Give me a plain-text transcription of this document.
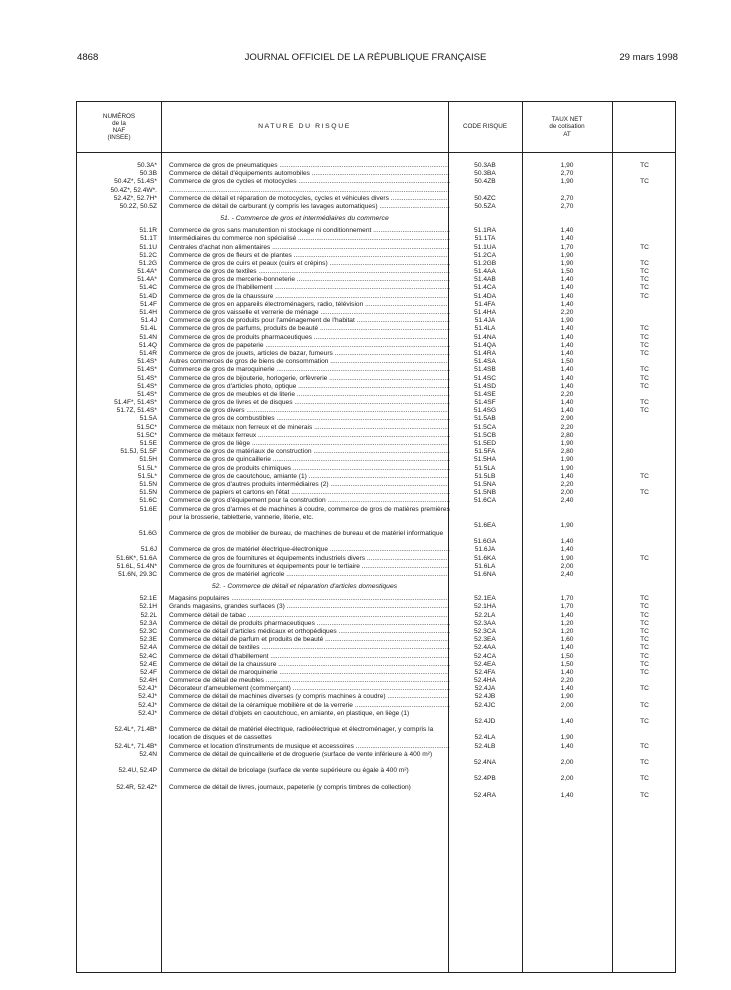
4868	JOURNAL OFFICIEL DE LA RÉPUBLIQUE FRANÇAISE	29 mars 1998
NUMÉROS
de la
NAF
(INSEE)
NATURE DU RISQUE	CODE RISQUE
TAUX NET
de cotisation
AT
50.3A* Commerce de gros de pneumatiques .....	50.3AB	1,90	TC
50.3B Commerce de détail d'équipements automobiles .....	50.3BA	2,70
50.4Z*, 51.4S* Commerce de gros de cycles et motocycles .....	50.4ZB	1,90	TC
50.4Z*, 52.4W*.
.....
52.4Z*, 52.7H* Commerce de détail et réparation de motocycles, cycles et véhicules divers .....	50.4ZC	2,70
50.2Z, 50.5Z Commerce de détail de carburant (y compris les lavages automatiques) .....	50.5ZA	2,70
51. - Commerce de gros et intermédiaires du commerce
51.1R Commerce de gros sans manutention ni stockage ni conditionnement .....	51.1RA	1,40
51.1T Intermédiaires du commerce non spécialisé .....	51.1TA	1,40
51.1U Centrales d'achat non alimentaires .....	51.1UA	1,70	TC
51.2C Commerce de gros de fleurs et de plantes .....	51.2CA	1,90
51.2G Commerce de gros de cuirs et peaux (cuirs et crépins) .....	51.2GB	1,90	TC
51.4A* Commerce de gros de textiles .....	51.4AA	1,50	TC
51.4A* Commerce de gros de mercerie-bonneterie .....	51.4AB	1,40	TC
51.4C Commerce de gros de l'habillement .....	51.4CA	1,40	TC
51.4D Commerce de gros de la chaussure .....	51.4DA	1,40	TC
51.4F Commerce de gros en appareils électroménagers, radio, télévision .....	51.4FA	1,40
51.4H Commerce de gros vaisselle et verrerie de ménage .....	51.4HA	2,20
51.4J Commerce de gros de produits pour l'aménagement de l'habitat .....	51.4JA	1,90
51.4L Commerce de gros de parfums, produits de beauté .....	51.4LA	1,40	TC
51.4N Commerce de gros de produits pharmaceutiques .....	51.4NA	1,40	TC
51.4Q Commerce de gros de papeterie .....	51.4QA	1,40	TC
51.4R Commerce de gros de jouets, articles de bazar, fumeurs .....	51.4RA	1,40	TC
51.4S* Autres commerces de gros de biens de consommation .....	51.4SA	1,50
51.4S* Commerce de gros de maroquinerie .....	51.4SB	1,40	TC
51.4S* Commerce de gros de bijouterie, horlogerie, orfèvrerie .....	51.4SC	1,40	TC
51.4S* Commerce de gros d'articles photo, optique .....	51.4SD	1,40	TC
51.4S* Commerce de gros de meubles et de literie .....	51.4SE	2,20
51.4F*, 51.4S* Commerce de gros de livres et de disques .....	51.4SF	1,40	TC
51.7Z, 51.4S* Commerce de gros divers .....	51.4SG	1,40	TC
51.5A Commerce de gros de combustibles .....	51.5AB	2,90
51.5C* Commerce de métaux non ferreux et de minerais .....	51.5CA	2,20
51.5C* Commerce de métaux ferreux .....	51.5CB	2,80
51.5E Commerce de gros de liège .....	51.5ED	1,90
51.5J, 51.5F Commerce de gros de matériaux de construction .....	51.5FA	2,80
51.5H Commerce de gros de quincaillerie .....	51.5HA	1,90
51.5L* Commerce de gros de produits chimiques .....	51.5LA	1,90
51.5L* Commerce de gros de caoutchouc, amiante (1) .....	51.5LB	1,40	TC
51.5N Commerce de gros d'autres produits intermédiaires (2) .....	51.5NA	2,20
51.5N Commerce de papiers et cartons en l'état .....	51.5NB	2,00	TC
51.6C Commerce de gros d'équipement pour la construction .....	51.6CA	2,40
51.6E Commerce de gros d'armes et de machines à coudre, commerce de gros de matières premières pour la brosserie, tabletterie, vannerie, literie, etc.
51.6EA	1,90
51.6G Commerce de gros de mobilier de bureau, de machines de bureau et de matériel informatique
51.6GA	1,40
51.6J Commerce de gros de matériel électrique-électronique .....	51.6JA	1,40
51.6K*, 51.6A Commerce de gros de fournitures et équipements industriels divers .....	51.6KA	1,90	TC
51.6L, 51.4N* Commerce de gros de fournitures et équipements pour le tertiaire .....	51.6LA	2,00
51.6N, 29.3C Commerce de gros de matériel agricole .....	51.6NA	2,40
52. - Commerce de détail et réparation d'articles domestiques
52.1E Magasins populaires .....	52.1EA	1,70	TC
52.1H Grands magasins, grandes surfaces (3) .....	52.1HA	1,70	TC
52.2L Commerce détail de tabac .....	52.2LA	1,40	TC
52.3A Commerce de détail de produits pharmaceutiques .....	52.3AA	1,20	TC
52.3C Commerce de détail d'articles médicaux et orthopédiques .....	52.3CA	1,20	TC
52.3E Commerce de détail de parfum et produits de beauté .....	52.3EA	1,60	TC
52.4A Commerce de détail de textiles .....	52.4AA	1,40	TC
52.4C Commerce de détail d'habillement .....	52.4CA	1,50	TC
52.4E Commerce de détail de la chaussure .....	52.4EA	1,50	TC
52.4F Commerce de détail de maroquinerie .....	52.4FA	1,40	TC
52.4H Commerce de détail de meubles .....	52.4HA	2,20
52.4J* Décorateur d'ameublement (commerçant) .....	52.4JA	1,40	TC
52.4J* Commerce de détail de machines diverses (y compris machines à coudre) .....	52.4JB	1,90
52.4J* Commerce de détail de la céramique mobilière et de la verrerie .....	52.4JC	2,00	TC
52.4J* Commerce de détail d'objets en caoutchouc, en amiante, en plastique, en liège (1)
52.4JD	1,40	TC
52.4L*, 71.4B* Commerce de détail de matériel électrique, radioélectrique et électroménager, y compris la location de disques et de cassettes	52.4LA	1,90
52.4L*, 71.4B* Commerce et location d'instruments de musique et accessoires .....	52.4LB	1,40	TC
52.4N Commerce de détail de quincaillerie et de droguerie (surface de vente inférieure à 400 m²)
52.4NA	2,00	TC
52.4U, 52.4P Commerce de détail de bricolage (surface de vente supérieure ou égale à 400 m²)
52.4PB	2,00	TC
52.4R, 52.4Z* Commerce de détail de livres, journaux, papeterie (y compris timbres de collection)
52.4RA	1,40	TC
